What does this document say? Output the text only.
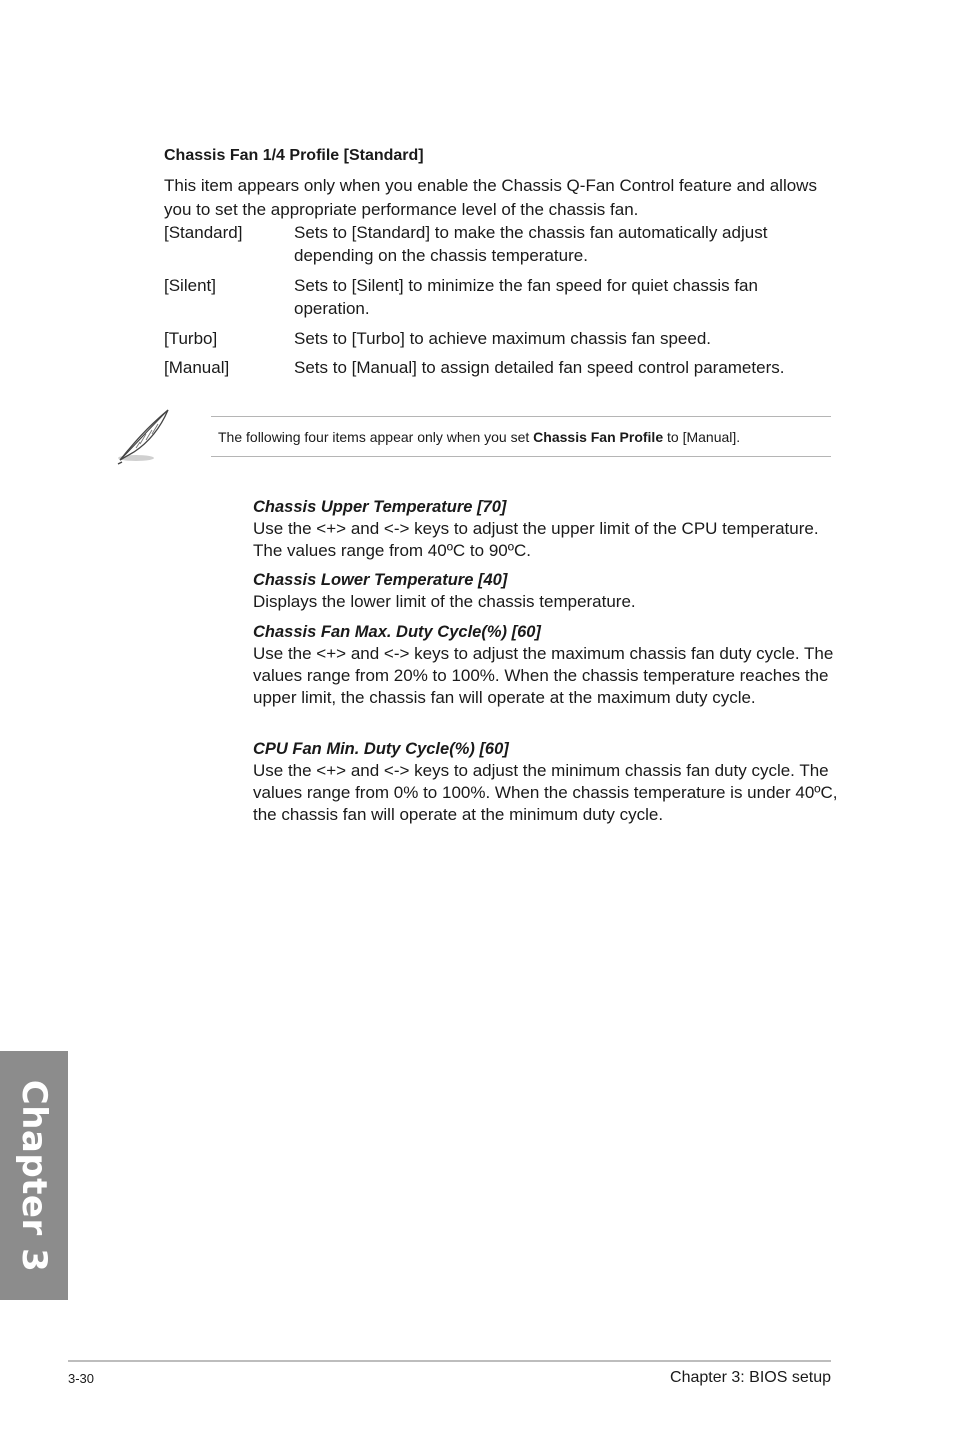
Chassis Fan 1/4 Profile [Standard]
This item appears only when you enable the Chassis Q-Fan Control feature and allows you to set the appropriate performance level of the chassis fan.
[Standard]	Sets to [Standard] to make the chassis fan automatically adjust depending on the chassis temperature.
[Silent]	Sets to [Silent] to minimize the fan speed for quiet chassis fan operation.
[Turbo]	Sets to [Turbo] to achieve maximum chassis fan speed.
[Manual]	Sets to [Manual] to assign detailed fan speed control parameters.
The following four items appear only when you set Chassis Fan Profile to [Manual].
Chassis Upper Temperature [70]
Use the <+> and <-> keys to adjust the upper limit of the CPU temperature. The values range from 40ºC to 90ºC.
Chassis Lower Temperature [40]
Displays the lower limit of the chassis temperature.
Chassis Fan Max. Duty Cycle(%) [60]
Use the <+> and <-> keys to adjust the maximum chassis fan duty cycle. The values range from 20% to 100%. When the chassis temperature reaches the upper limit, the chassis fan will operate at the maximum duty cycle.
CPU Fan Min. Duty Cycle(%) [60]
Use the <+> and <-> keys to adjust the minimum chassis fan duty cycle. The values range from 0% to 100%. When the chassis temperature is under 40ºC, the chassis fan will operate at the minimum duty cycle.
Chapter 3
3-30	Chapter 3: BIOS setup
